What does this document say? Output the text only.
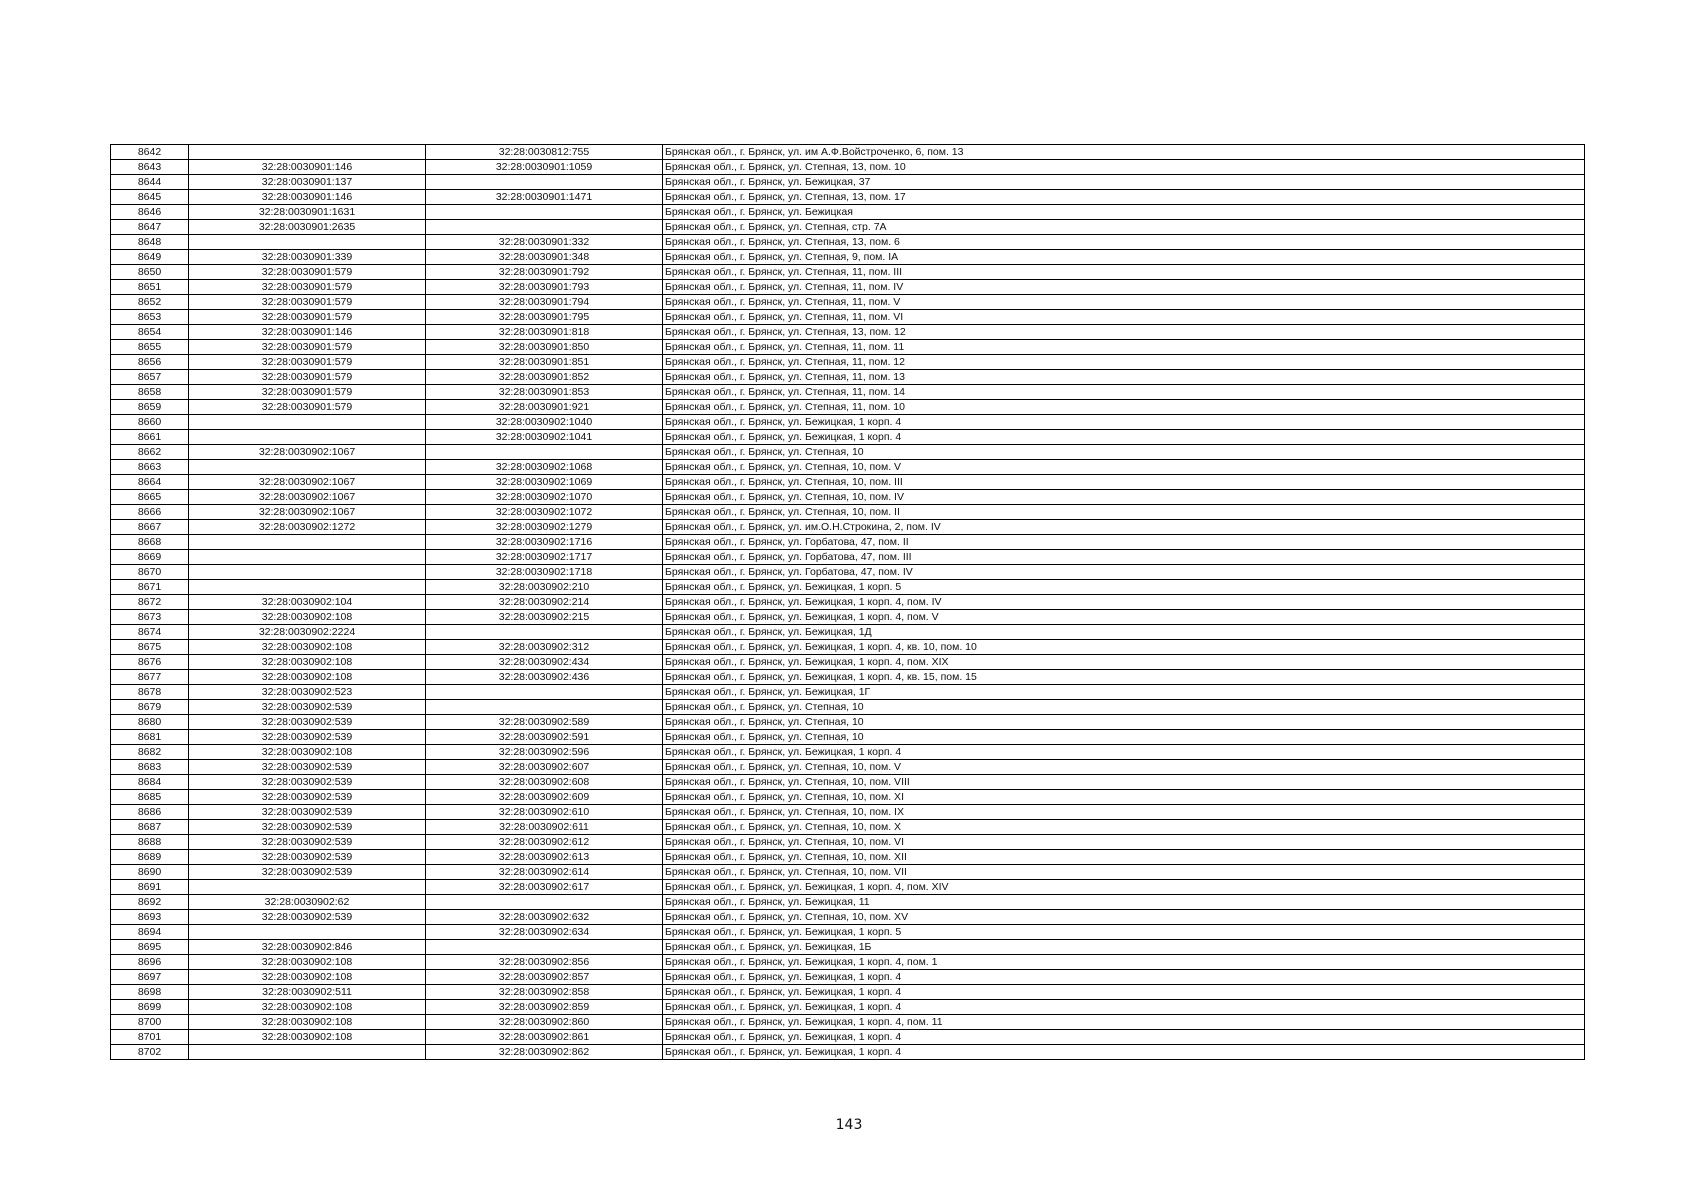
8642		32:28:0030812:755	Брянская обл., г. Брянск, ул. им А.Ф.Войстроченко, 6, пом. 13
8643	32:28:0030901:146	32:28:0030901:1059	Брянская обл., г. Брянск, ул. Степная, 13, пом. 10
8644	32:28:0030901:137		Брянская обл., г. Брянск, ул. Бежицкая, 37
8645	32:28:0030901:146	32:28:0030901:1471	Брянская обл., г. Брянск, ул. Степная, 13, пом. 17
8646	32:28:0030901:1631		Брянская обл., г. Брянск, ул. Бежицкая
8647	32:28:0030901:2635		Брянская обл., г. Брянск, ул. Степная, стр. 7А
8648		32:28:0030901:332	Брянская обл., г. Брянск, ул. Степная, 13, пом. 6
8649	32:28:0030901:339	32:28:0030901:348	Брянская обл., г. Брянск, ул. Степная, 9, пом. IА
8650	32:28:0030901:579	32:28:0030901:792	Брянская обл., г. Брянск, ул. Степная, 11, пом. III
8651	32:28:0030901:579	32:28:0030901:793	Брянская обл., г. Брянск, ул. Степная, 11, пом. IV
8652	32:28:0030901:579	32:28:0030901:794	Брянская обл., г. Брянск, ул. Степная, 11, пом. V
8653	32:28:0030901:579	32:28:0030901:795	Брянская обл., г. Брянск, ул. Степная, 11, пом. VI
8654	32:28:0030901:146	32:28:0030901:818	Брянская обл., г. Брянск, ул. Степная, 13, пом. 12
8655	32:28:0030901:579	32:28:0030901:850	Брянская обл., г. Брянск, ул. Степная, 11, пом. 11
8656	32:28:0030901:579	32:28:0030901:851	Брянская обл., г. Брянск, ул. Степная, 11, пом. 12
8657	32:28:0030901:579	32:28:0030901:852	Брянская обл., г. Брянск, ул. Степная, 11, пом. 13
8658	32:28:0030901:579	32:28:0030901:853	Брянская обл., г. Брянск, ул. Степная, 11, пом. 14
8659	32:28:0030901:579	32:28:0030901:921	Брянская обл., г. Брянск, ул. Степная, 11, пом. 10
8660		32:28:0030902:1040	Брянская обл., г. Брянск, ул. Бежицкая, 1 корп. 4
8661		32:28:0030902:1041	Брянская обл., г. Брянск, ул. Бежицкая, 1 корп. 4
8662	32:28:0030902:1067		Брянская обл., г. Брянск, ул. Степная, 10
8663		32:28:0030902:1068	Брянская обл., г. Брянск, ул. Степная, 10, пом. V
8664	32:28:0030902:1067	32:28:0030902:1069	Брянская обл., г. Брянск, ул. Степная, 10, пом. III
8665	32:28:0030902:1067	32:28:0030902:1070	Брянская обл., г. Брянск, ул. Степная, 10, пом. IV
8666	32:28:0030902:1067	32:28:0030902:1072	Брянская обл., г. Брянск, ул. Степная, 10, пом. II
8667	32:28:0030902:1272	32:28:0030902:1279	Брянская обл., г. Брянск, ул. им.О.Н.Строкина, 2, пом. IV
8668		32:28:0030902:1716	Брянская обл., г. Брянск, ул. Горбатова, 47, пом. II
8669		32:28:0030902:1717	Брянская обл., г. Брянск, ул. Горбатова, 47, пом. III
8670		32:28:0030902:1718	Брянская обл., г. Брянск, ул. Горбатова, 47, пом. IV
8671		32:28:0030902:210	Брянская обл., г. Брянск, ул. Бежицкая, 1 корп. 5
8672	32:28:0030902:104	32:28:0030902:214	Брянская обл., г. Брянск, ул. Бежицкая, 1 корп. 4, пом. IV
8673	32:28:0030902:108	32:28:0030902:215	Брянская обл., г. Брянск, ул. Бежицкая, 1 корп. 4, пом. V
8674	32:28:0030902:2224		Брянская обл., г. Брянск, ул. Бежицкая, 1Д
8675	32:28:0030902:108	32:28:0030902:312	Брянская обл., г. Брянск, ул. Бежицкая, 1 корп. 4, кв. 10, пом. 10
8676	32:28:0030902:108	32:28:0030902:434	Брянская обл., г. Брянск, ул. Бежицкая, 1 корп. 4, пом. XIX
8677	32:28:0030902:108	32:28:0030902:436	Брянская обл., г. Брянск, ул. Бежицкая, 1 корп. 4, кв. 15, пом. 15
8678	32:28:0030902:523		Брянская обл., г. Брянск, ул. Бежицкая, 1Г
8679	32:28:0030902:539		Брянская обл., г. Брянск, ул. Степная, 10
8680	32:28:0030902:539	32:28:0030902:589	Брянская обл., г. Брянск, ул. Степная, 10
8681	32:28:0030902:539	32:28:0030902:591	Брянская обл., г. Брянск, ул. Степная, 10
8682	32:28:0030902:108	32:28:0030902:596	Брянская обл., г. Брянск, ул. Бежицкая, 1 корп. 4
8683	32:28:0030902:539	32:28:0030902:607	Брянская обл., г. Брянск, ул. Степная, 10, пом. V
8684	32:28:0030902:539	32:28:0030902:608	Брянская обл., г. Брянск, ул. Степная, 10, пом. VIII
8685	32:28:0030902:539	32:28:0030902:609	Брянская обл., г. Брянск, ул. Степная, 10, пом. XI
8686	32:28:0030902:539	32:28:0030902:610	Брянская обл., г. Брянск, ул. Степная, 10, пом. IX
8687	32:28:0030902:539	32:28:0030902:611	Брянская обл., г. Брянск, ул. Степная, 10, пом. X
8688	32:28:0030902:539	32:28:0030902:612	Брянская обл., г. Брянск, ул. Степная, 10, пом. VI
8689	32:28:0030902:539	32:28:0030902:613	Брянская обл., г. Брянск, ул. Степная, 10, пом. XII
8690	32:28:0030902:539	32:28:0030902:614	Брянская обл., г. Брянск, ул. Степная, 10, пом. VII
8691		32:28:0030902:617	Брянская обл., г. Брянск, ул. Бежицкая, 1 корп. 4, пом. XIV
8692	32:28:0030902:62		Брянская обл., г. Брянск, ул. Бежицкая, 11
8693	32:28:0030902:539	32:28:0030902:632	Брянская обл., г. Брянск, ул. Степная, 10, пом. XV
8694		32:28:0030902:634	Брянская обл., г. Брянск, ул. Бежицкая, 1 корп. 5
8695	32:28:0030902:846		Брянская обл., г. Брянск, ул. Бежицкая, 1Б
8696	32:28:0030902:108	32:28:0030902:856	Брянская обл., г. Брянск, ул. Бежицкая, 1 корп. 4, пом. 1
8697	32:28:0030902:108	32:28:0030902:857	Брянская обл., г. Брянск, ул. Бежицкая, 1 корп. 4
8698	32:28:0030902:511	32:28:0030902:858	Брянская обл., г. Брянск, ул. Бежицкая, 1 корп. 4
8699	32:28:0030902:108	32:28:0030902:859	Брянская обл., г. Брянск, ул. Бежицкая, 1 корп. 4
8700	32:28:0030902:108	32:28:0030902:860	Брянская обл., г. Брянск, ул. Бежицкая, 1 корп. 4, пом. 11
8701	32:28:0030902:108	32:28:0030902:861	Брянская обл., г. Брянск, ул. Бежицкая, 1 корп. 4
8702		32:28:0030902:862	Брянская обл., г. Брянск, ул. Бежицкая, 1 корп. 4
143
